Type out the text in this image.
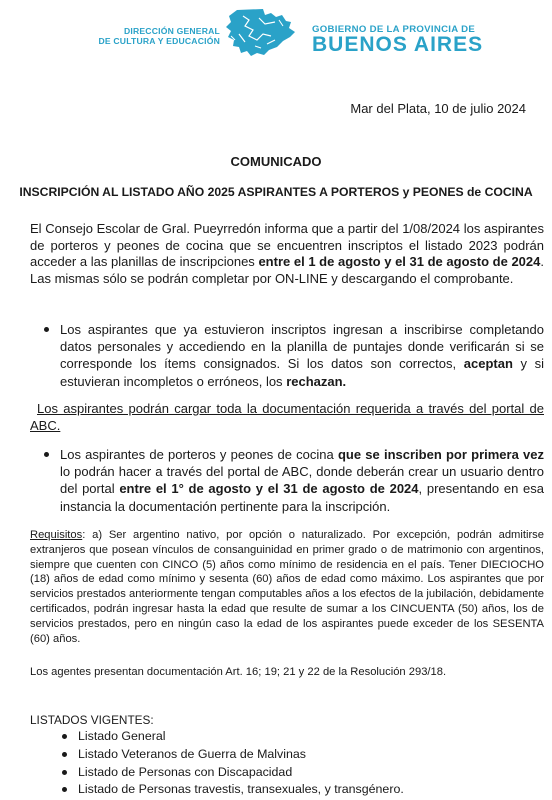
DIRECCIÓN GENERAL
DE CULTURA Y EDUCACIÓN
GOBIERNO DE LA PROVINCIA DE
BUENOS AIRES
Mar del Plata, 10 de julio 2024
COMUNICADO
INSCRIPCIÓN AL LISTADO AÑO 2025 ASPIRANTES A PORTEROS y PEONES de COCINA

El Consejo Escolar de Gral. Pueyrredón informa que a partir del 1/08/2024 los aspirantes de porteros y peones de cocina que se encuentren inscriptos el listado 2023 podrán acceder a las planillas de inscripciones entre el 1 de agosto y el 31 de agosto de 2024. Las mismas sólo se podrán completar por ON-LINE y descargando el comprobante.

Los aspirantes que ya estuvieron inscriptos ingresan a inscribirse completando datos personales y accediendo en la planilla de puntajes donde verificarán si se corresponde los ítems consignados. Si los datos son correctos, aceptan y si estuvieran incompletos o erróneos, los rechazan.
Los aspirantes podrán cargar toda la documentación requerida a través del portal de ABC.
Los aspirantes de porteros y peones de cocina que se inscriben por primera vez lo podrán hacer a través del portal de ABC, donde deberán crear un usuario dentro del portal entre el 1° de agosto y el 31 de agosto de 2024, presentando en esa instancia la documentación pertinente para la inscripción.

Requisitos: a) Ser argentino nativo, por opción o naturalizado. Por excepción, podrán admitirse extranjeros que posean vínculos de consanguinidad en primer grado o de matrimonio con argentinos, siempre que cuenten con CINCO (5) años como mínimo de residencia en el país. Tener DIECIOCHO (18) años de edad como mínimo y sesenta (60) años de edad como máximo. Los aspirantes que por servicios prestados anteriormente tengan computables años a los efectos de la jubilación, debidamente certificados, podrán ingresar hasta la edad que resulte de sumar a los CINCUENTA (50) años, los de servicios prestados, pero en ningún caso la edad de los aspirantes puede exceder de los SESENTA (60) años.

Los agentes presentan documentación Art. 16; 19; 21 y 22 de la Resolución 293/18.

LISTADOS VIGENTES:
Listado General
Listado Veteranos de Guerra de Malvinas
Listado de Personas con Discapacidad
Listado de Personas travestis, transexuales, y transgénero.
